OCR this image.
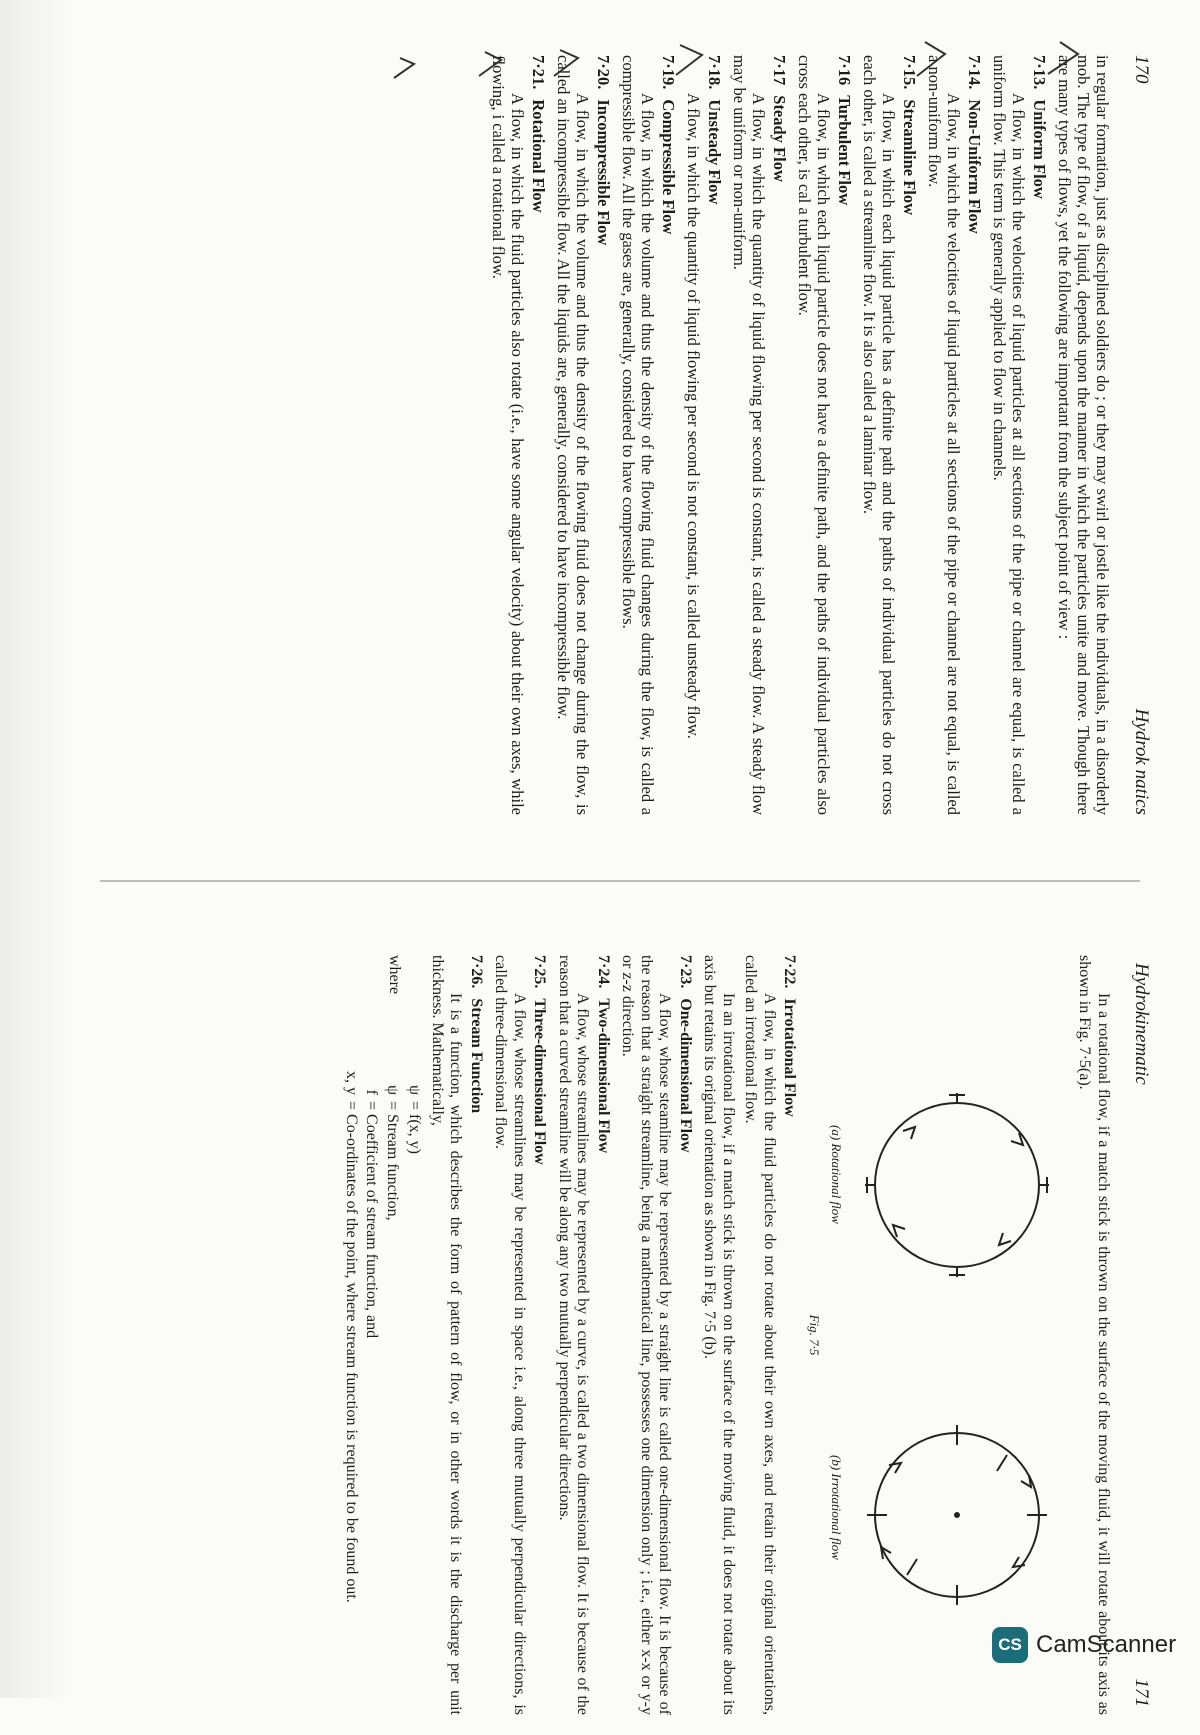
170
Hydrok natics

in regular formation, just as disciplined soldiers do ; or they may swirl or jostle like the individuals, in a disorderly mob. The type of flow, of a liquid, depends upon the manner in which the particles unite and move. Though there are many types of flows, yet the following are important from the subject point of view :

7·13.Uniform Flow

A flow, in which the velocities of liquid particles at all sections of the pipe or channel are equal, is called a uniform flow. This term is generally applied to flow in channels.

7·14.Non-Uniform Flow

A flow, in which the velocities of liquid particles at all sections of the pipe or channel are not equal, is called a non-uniform flow.

7·15.Streamline Flow

A flow, in which each liquid particle has a definite path and the paths of individual particles do not cross each other, is called a streamline flow. It is also called a laminar flow.

7·16Turbulent Flow

A flow, in which each liquid particle does not have a definite path, and the paths of individual particles also cross each other, is cal a turbulent flow.

7·17Steady Flow

A flow, in which the quantity of liquid flowing per second is constant, is called a steady flow. A steady flow may be uniform or non-uniform.

7·18.Unsteady Flow

A flow, in which the quantity of liquid flowing per second is not constant, is called unsteady flow.

7·19.Compressible Flow

A flow, in which the volume and thus the density of the flowing fluid changes during the flow, is called a compressible flow. All the gases are, generally, considered to have compressible flows.

7·20.Incompressible Flow

A flow, in which the volume and thus the density of the flowing fluid does not change during the flow, is called an incompressible flow. All the liquids are, generally, considered to have incompressible flow.

7·21.Rotational Flow

A flow, in which the fluid particles also rotate (i.e., have some angular velocity) about their own axes, while flowing, i called a rotational flow.

Hydrokinematic
171

In a rotational flow, if a match stick is thrown on the surface of the moving fluid, it will rotate about its axis as shown in Fig. 7·5(a).

(a) Rotational flow
(b) Irrotational flow
Fig. 7·5
7·22.Irrotational Flow

A flow, in which the fluid particles do not rotate about their own axes, and retain their original orientations, called an irrotational flow.

In an irrotational flow, if a match stick is thrown on the surface of the moving fluid, it does not rotate about its axis but retains its original orientation as shown in Fig. 7·5 (b).

7·23.One-dimensional Flow

A flow, whose steamline may be represented by a straight line is called one-dimensional flow. It is because of the reason that a straight streamline, being a mathematical line, possesses one dimension only ; i.e., either x-x or y-y or z-z direction.

7·24.Two-dimensional Flow

A flow, whose streamlines may be represented by a curve, is called a two dimensional flow. It is because of the reason that a curved streamline will be along any two mutually perpendicular directions.

7·25.Three-dimensional Flow

A flow, whose streamlines may be represented in space i.e., along three mutually perpendicular directions, is called three-dimensional flow.

7·26.Stream Function

It is a function, which describes the form of pattern of flow, or in other words it is the discharge per unit thickness. Mathematically,

ψ
= f(x, y)
where
ψ
= Stream function,
f
= Coefficient of stream function, and
x, y
= Co-ordinates of the point, where stream function is required to be found out.
CS CamScanner
